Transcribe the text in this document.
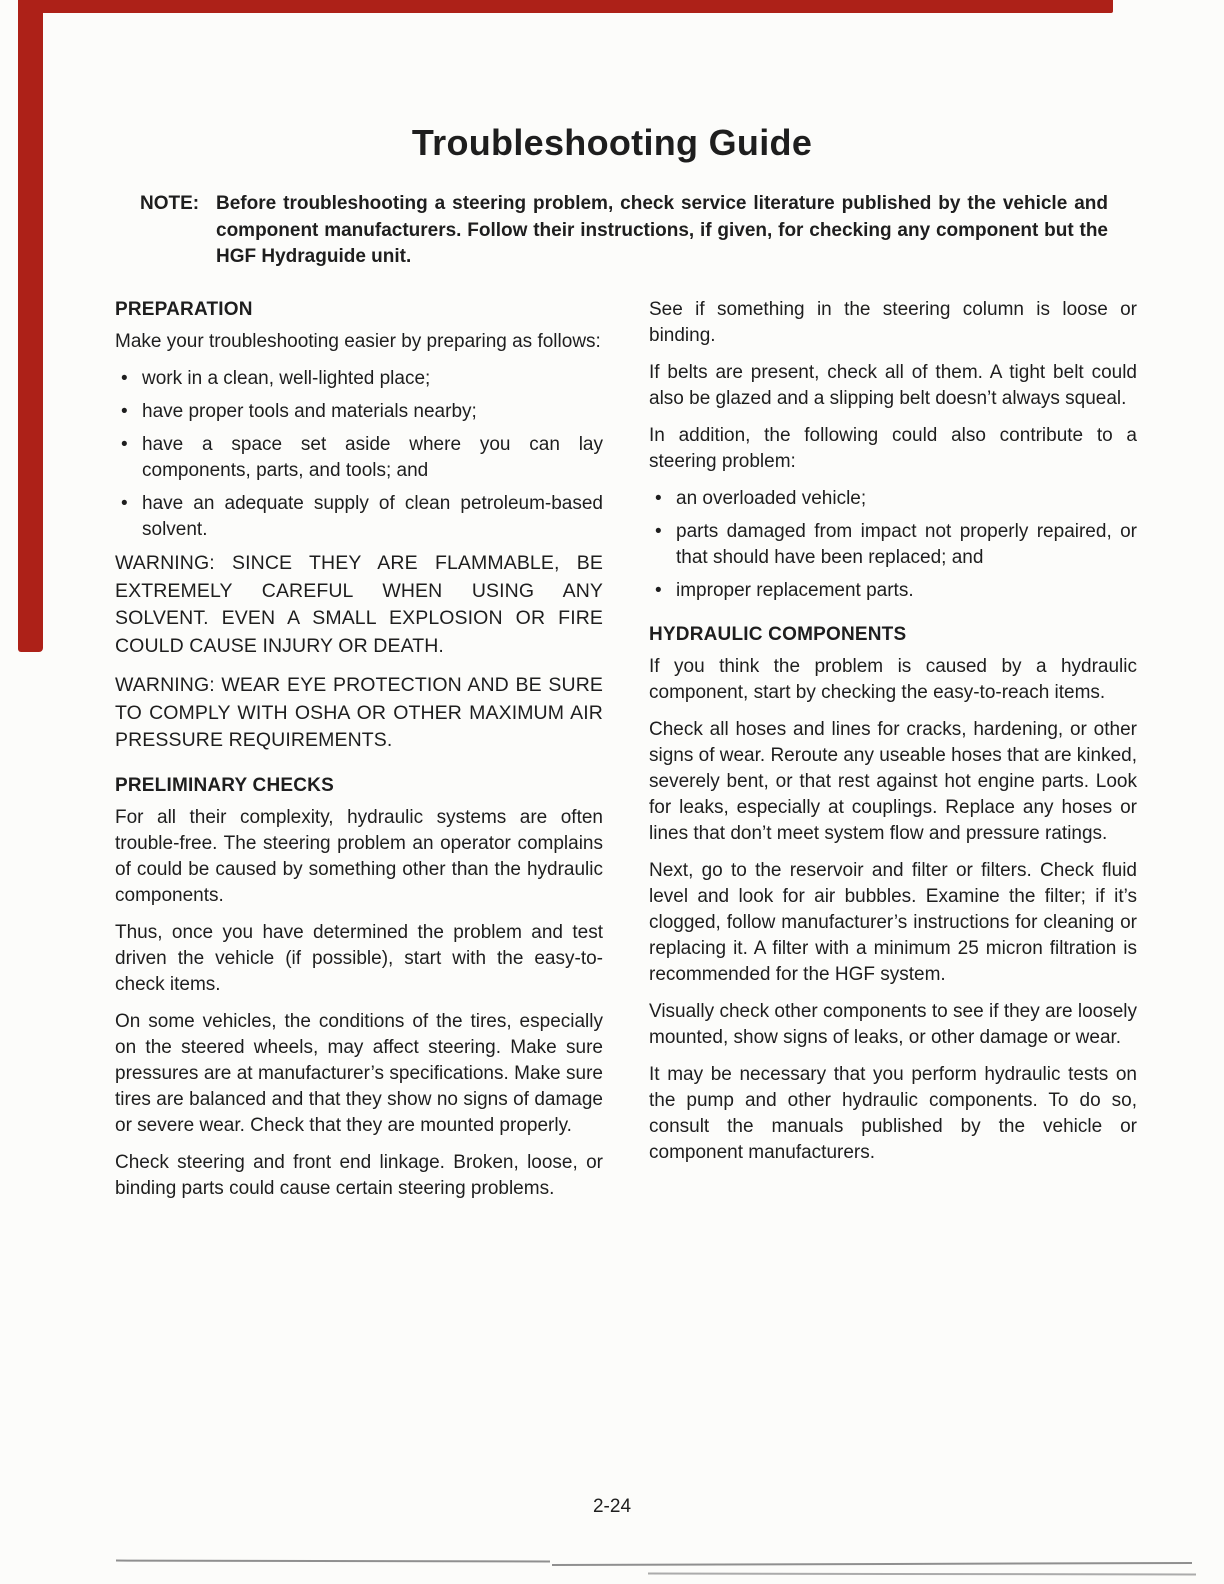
Troubleshooting Guide
NOTE: Before troubleshooting a steering problem, check service literature published by the vehicle and component manufacturers. Follow their instructions, if given, for checking any component but the HGF Hydraguide unit.
PREPARATION

Make your troubleshooting easier by preparing as follows:

• work in a clean, well-lighted place;
• have proper tools and materials nearby;
• have a space set aside where you can lay components, parts, and tools; and
• have an adequate supply of clean petroleum-based solvent.

WARNING: SINCE THEY ARE FLAMMABLE, BE EXTREMELY CAREFUL WHEN USING ANY SOLVENT. EVEN A SMALL EXPLOSION OR FIRE COULD CAUSE INJURY OR DEATH.

WARNING: WEAR EYE PROTECTION AND BE SURE TO COMPLY WITH OSHA OR OTHER MAXIMUM AIR PRESSURE REQUIREMENTS.

PRELIMINARY CHECKS

For all their complexity, hydraulic systems are often trouble-free. The steering problem an operator complains of could be caused by something other than the hydraulic components.

Thus, once you have determined the problem and test driven the vehicle (if possible), start with the easy-to-check items.

On some vehicles, the conditions of the tires, especially on the steered wheels, may affect steering. Make sure pressures are at manufacturer’s specifications. Make sure tires are balanced and that they show no signs of damage or severe wear. Check that they are mounted properly.

Check steering and front end linkage. Broken, loose, or binding parts could cause certain steering problems.

See if something in the steering column is loose or binding.

If belts are present, check all of them. A tight belt could also be glazed and a slipping belt doesn’t always squeal.

In addition, the following could also contribute to a steering problem:

• an overloaded vehicle;
• parts damaged from impact not properly repaired, or that should have been replaced; and
• improper replacement parts.
HYDRAULIC COMPONENTS

If you think the problem is caused by a hydraulic component, start by checking the easy-to-reach items.

Check all hoses and lines for cracks, hardening, or other signs of wear. Reroute any useable hoses that are kinked, severely bent, or that rest against hot engine parts. Look for leaks, especially at couplings. Replace any hoses or lines that don’t meet system flow and pressure ratings.

Next, go to the reservoir and filter or filters. Check fluid level and look for air bubbles. Examine the filter; if it’s clogged, follow manufacturer’s instructions for cleaning or replacing it. A filter with a minimum 25 micron filtration is recommended for the HGF system.

Visually check other components to see if they are loosely mounted, show signs of leaks, or other damage or wear.

It may be necessary that you perform hydraulic tests on the pump and other hydraulic components. To do so, consult the manuals published by the vehicle or component manufacturers.

2-24
